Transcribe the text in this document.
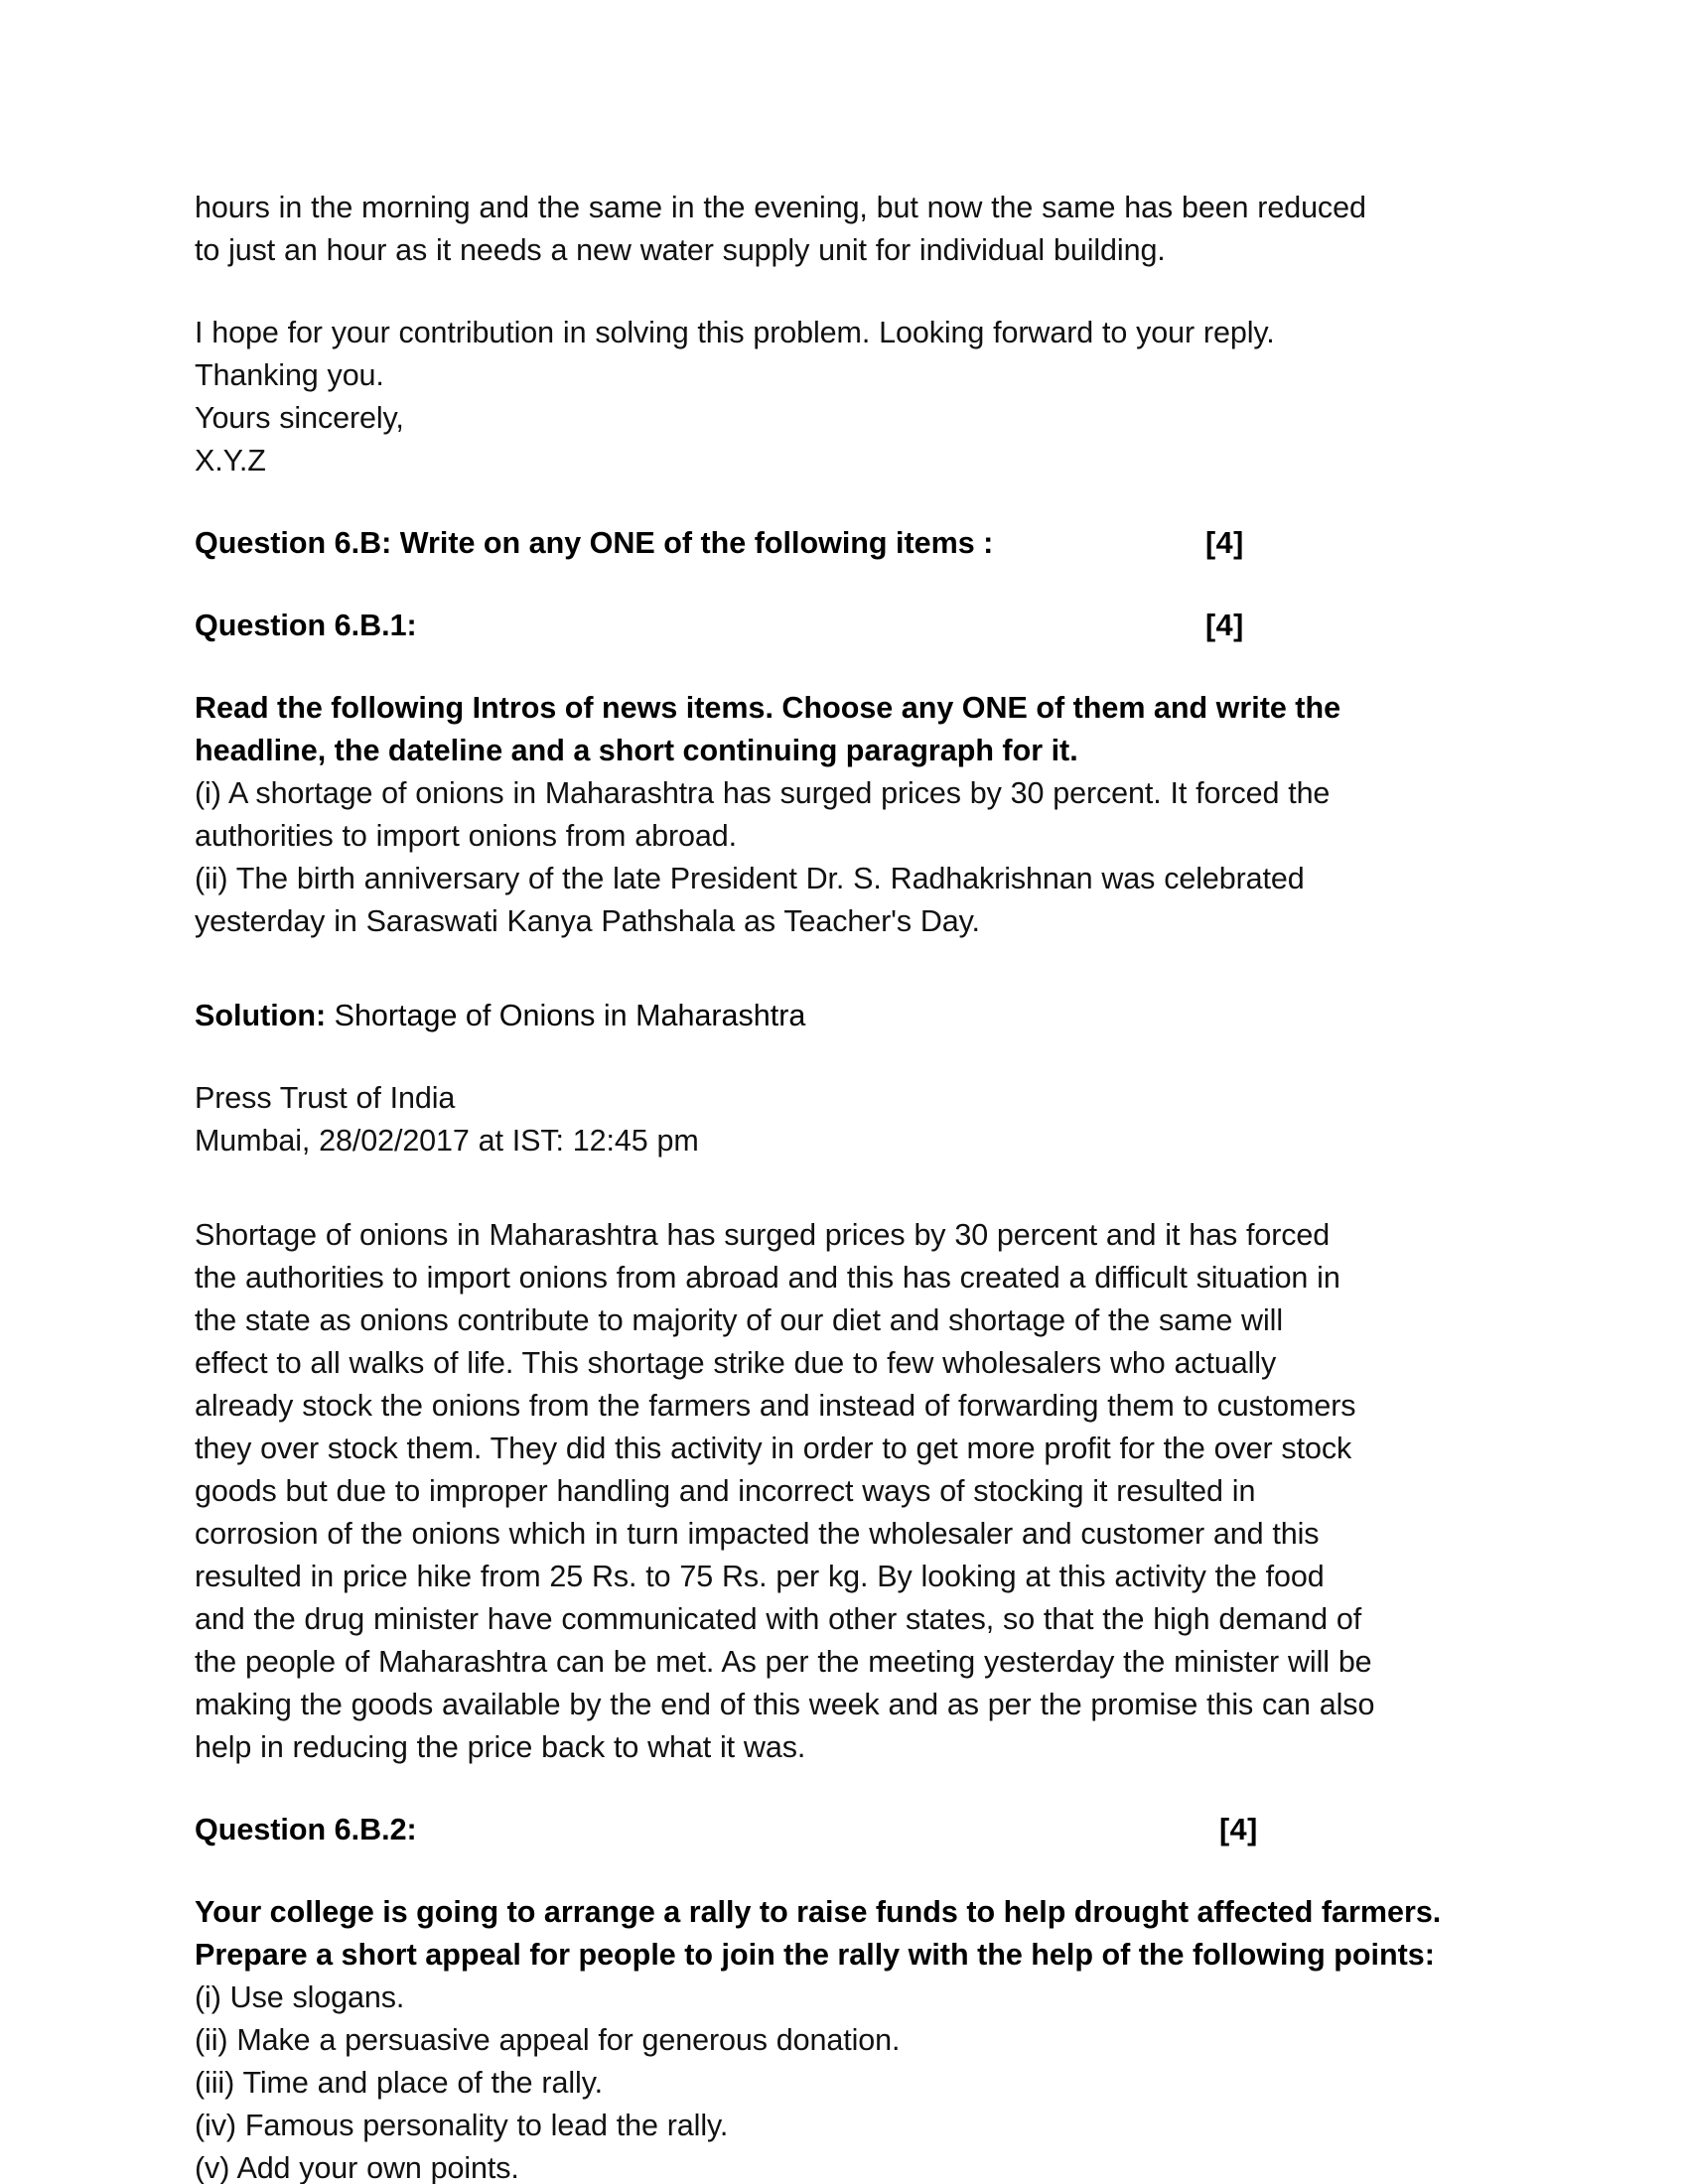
hours in the morning and the same in the evening, but now the same has been reduced
to just an hour as it needs a new water supply unit for individual building.
I hope for your contribution in solving this problem. Looking forward to your reply.
Thanking you.
Yours sincerely,
X.Y.Z
Question 6.B: Write on any ONE of the following items :	[4]
Question 6.B.1:	[4]
Read the following Intros of news items. Choose any ONE of them and write the
headline, the dateline and a short continuing paragraph for it.
(i) A shortage of onions in Maharashtra has surged prices by 30 percent. It forced the
authorities to import onions from abroad.
(ii) The birth anniversary of the late President Dr. S. Radhakrishnan was celebrated
yesterday in Saraswati Kanya Pathshala as Teacher's Day.
Solution: Shortage of Onions in Maharashtra
Press Trust of India
Mumbai, 28/02/2017 at IST: 12:45 pm
Shortage of onions in Maharashtra has surged prices by 30 percent and it has forced
the authorities to import onions from abroad and this has created a difficult situation in
the state as onions contribute to majority of our diet and shortage of the same will
effect to all walks of life. This shortage strike due to few wholesalers who actually
already stock the onions from the farmers and instead of forwarding them to customers
they over stock them. They did this activity in order to get more profit for the over stock
goods but due to improper handling and incorrect ways of stocking it resulted in
corrosion of the onions which in turn impacted the wholesaler and customer and this
resulted in price hike from 25 Rs. to 75 Rs. per kg. By looking at this activity the food
and the drug minister have communicated with other states, so that the high demand of
the people of Maharashtra can be met. As per the meeting yesterday the minister will be
making the goods available by the end of this week and as per the promise this can also
help in reducing the price back to what it was.
Question 6.B.2:	[4]
Your college is going to arrange a rally to raise funds to help drought affected farmers.
Prepare a short appeal for people to join the rally with the help of the following points:
(i) Use slogans.
(ii) Make a persuasive appeal for generous donation.
(iii) Time and place of the rally.
(iv) Famous personality to lead the rally.
(v) Add your own points.
